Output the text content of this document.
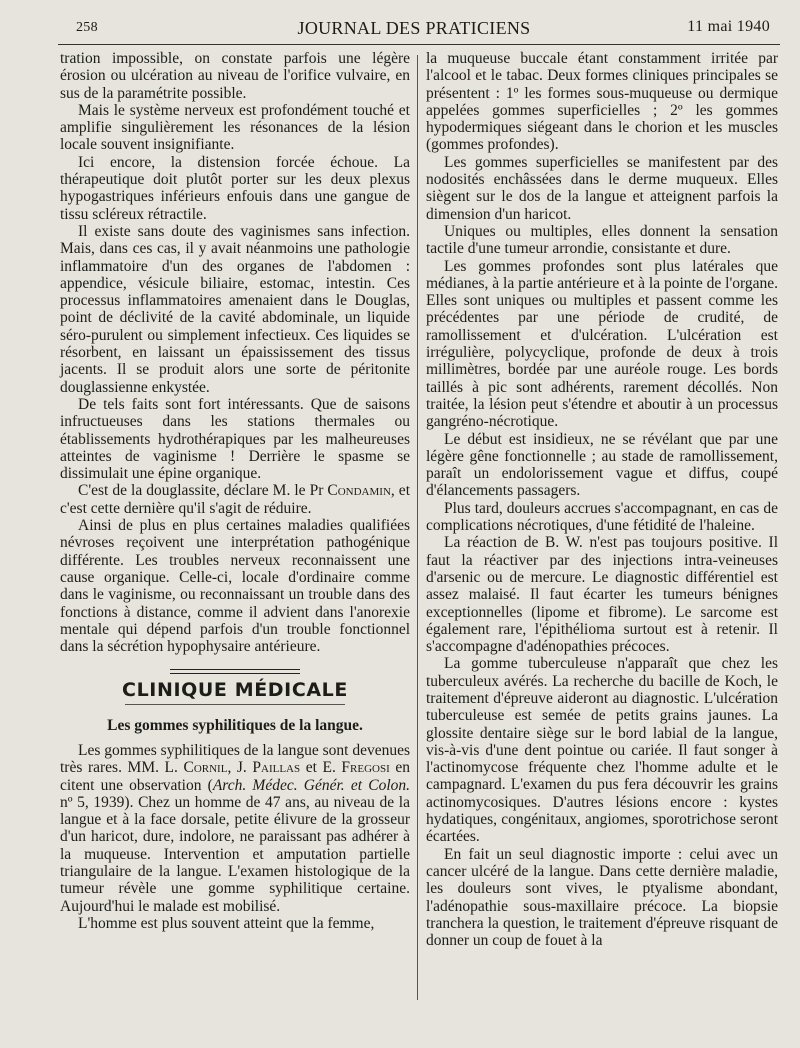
258	JOURNAL DES PRATICIENS	11 mai 1940

tration impossible, on constate parfois une légère érosion ou ulcération au niveau de l'orifice vulvaire, en sus de la paramétrite possible.

Mais le système nerveux est profondément touché et amplifie singulièrement les résonances de la lésion locale souvent insignifiante.

Ici encore, la distension forcée échoue. La thérapeutique doit plutôt porter sur les deux plexus hypogastriques inférieurs enfouis dans une gangue de tissu scléreux rétractile.

Il existe sans doute des vaginismes sans infection. Mais, dans ces cas, il y avait néanmoins une pathologie inflammatoire d'un des organes de l'abdomen : appendice, vésicule biliaire, estomac, intestin. Ces processus inflammatoires amenaient dans le Douglas, point de déclivité de la cavité abdominale, un liquide séro-purulent ou simplement infectieux. Ces liquides se résorbent, en laissant un épaississement des tissus jacents. Il se produit alors une sorte de péritonite douglassienne enkystée.

De tels faits sont fort intéressants. Que de saisons infructueuses dans les stations thermales ou établissements hydrothérapiques par les malheureuses atteintes de vaginisme ! Derrière le spasme se dissimulait une épine organique.

C'est de la douglassite, déclare M. le Pr Condamin, et c'est cette dernière qu'il s'agit de réduire.

Ainsi de plus en plus certaines maladies qualifiées névroses reçoivent une interprétation pathogénique différente. Les troubles nerveux reconnaissent une cause organique. Celle-ci, locale d'ordinaire comme dans le vaginisme, ou reconnaissant un trouble dans des fonctions à distance, comme il advient dans l'anorexie mentale qui dépend parfois d'un trouble fonctionnel dans la sécrétion hypophysaire antérieure.

CLINIQUE MÉDICALE
Les gommes syphilitiques de la langue.

Les gommes syphilitiques de la langue sont devenues très rares. MM. L. Cornil, J. Paillas et E. Fregosi en citent une observation (Arch. Médec. Génér. et Colon. nº 5, 1939). Chez un homme de 47 ans, au niveau de la langue et à la face dorsale, petite élivure de la grosseur d'un haricot, dure, indolore, ne paraissant pas adhérer à la muqueuse. Intervention et amputation partielle triangulaire de la langue. L'examen histologique de la tumeur révèle une gomme syphilitique certaine. Aujourd'hui le malade est mobilisé.

L'homme est plus souvent atteint que la femme,

la muqueuse buccale étant constamment irritée par l'alcool et le tabac. Deux formes cliniques principales se présentent : 1º les formes sous-muqueuse ou dermique appelées gommes superficielles ; 2º les gommes hypodermiques siégeant dans le chorion et les muscles (gommes profondes).

Les gommes superficielles se manifestent par des nodosités enchâssées dans le derme muqueux. Elles siègent sur le dos de la langue et atteignent parfois la dimension d'un haricot.

Uniques ou multiples, elles donnent la sensation tactile d'une tumeur arrondie, consistante et dure.

Les gommes profondes sont plus latérales que médianes, à la partie antérieure et à la pointe de l'organe. Elles sont uniques ou multiples et passent comme les précédentes par une période de crudité, de ramollissement et d'ulcération. L'ulcération est irrégulière, polycyclique, profonde de deux à trois millimètres, bordée par une auréole rouge. Les bords taillés à pic sont adhérents, rarement décollés. Non traitée, la lésion peut s'étendre et aboutir à un processus gangréno-nécrotique.

Le début est insidieux, ne se révélant que par une légère gêne fonctionnelle ; au stade de ramollissement, paraît un endolorissement vague et diffus, coupé d'élancements passagers.

Plus tard, douleurs accrues s'accompagnant, en cas de complications nécrotiques, d'une fétidité de l'haleine.

La réaction de B. W. n'est pas toujours positive. Il faut la réactiver par des injections intra-veineuses d'arsenic ou de mercure. Le diagnostic différentiel est assez malaisé. Il faut écarter les tumeurs bénignes exceptionnelles (lipome et fibrome). Le sarcome est également rare, l'épithélioma surtout est à retenir. Il s'accompagne d'adénopathies précoces.

La gomme tuberculeuse n'apparaît que chez les tuberculeux avérés. La recherche du bacille de Koch, le traitement d'épreuve aideront au diagnostic. L'ulcération tuberculeuse est semée de petits grains jaunes. La glossite dentaire siège sur le bord labial de la langue, vis-à-vis d'une dent pointue ou cariée. Il faut songer à l'actinomycose fréquente chez l'homme adulte et le campagnard. L'examen du pus fera découvrir les grains actinomycosiques. D'autres lésions encore : kystes hydatiques, congénitaux, angiomes, sporotrichose seront écartées.

En fait un seul diagnostic importe : celui avec un cancer ulcéré de la langue. Dans cette dernière maladie, les douleurs sont vives, le ptyalisme abondant, l'adénopathie sous-maxillaire précoce. La biopsie tranchera la question, le traitement d'épreuve risquant de donner un coup de fouet à la
